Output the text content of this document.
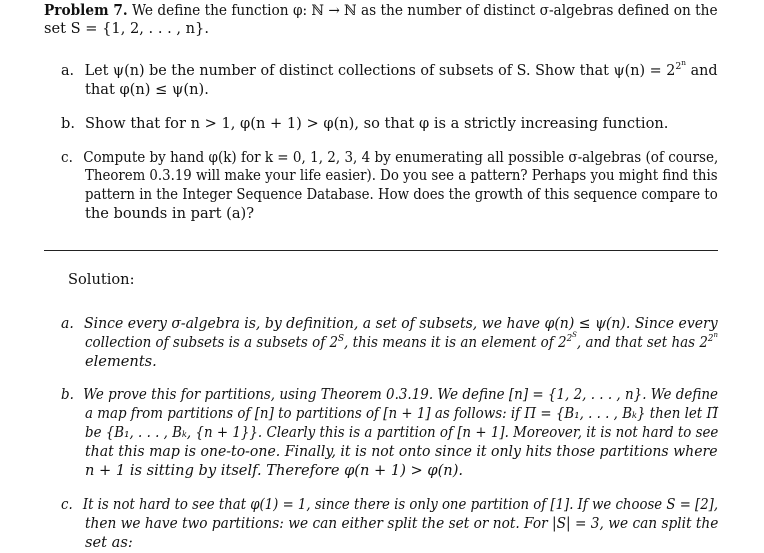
Problem 7. We define the function φ: ℕ → ℕ as the number of distinct σ-algebras defined on the
set S = {1, 2, . . . , n}.
a. Let ψ(n) be the number of distinct collections of subsets of S. Show that $\psi(n) = 2^{2^n}$ and
that φ(n) ≤ ψ(n).
b. Show that for n > 1, φ(n + 1) > φ(n), so that φ is a strictly increasing function.
c. Compute by hand φ(k) for k = 0, 1, 2, 3, 4 by enumerating all possible σ-algebras (of course,
Theorem 0.3.19 will make your life easier). Do you see a pattern? Perhaps you might find this
pattern in the Integer Sequence Database. How does the growth of this sequence compare to
the bounds in part (a)?
Solution:
a. Since every σ-algebra is, by definition, a set of subsets, we have φ(n) ≤ ψ(n). Since every
collection of subsets is a subsets of $2^S$, this means it is an element of $2^{2^S}$, and that set has $2^{2^n}$
elements.
b. We prove this for partitions, using Theorem 0.3.19. We define [n] = {1, 2, . . . , n}. We define
a map from partitions of [n] to partitions of [n + 1] as follows: if Π = {B₁, . . . , Bₖ} then let Π̃
be {B₁, . . . , Bₖ, {n + 1}}. Clearly this is a partition of [n + 1]. Moreover, it is not hard to see
that this map is one-to-one. Finally, it is not onto since it only hits those partitions where
n + 1 is sitting by itself. Therefore φ(n + 1) > φ(n).
c. It is not hard to see that φ(1) = 1, since there is only one partition of [1]. If we choose S = [2],
then we have two partitions: we can either split the set or not. For |S| = 3, we can split the
set as:
